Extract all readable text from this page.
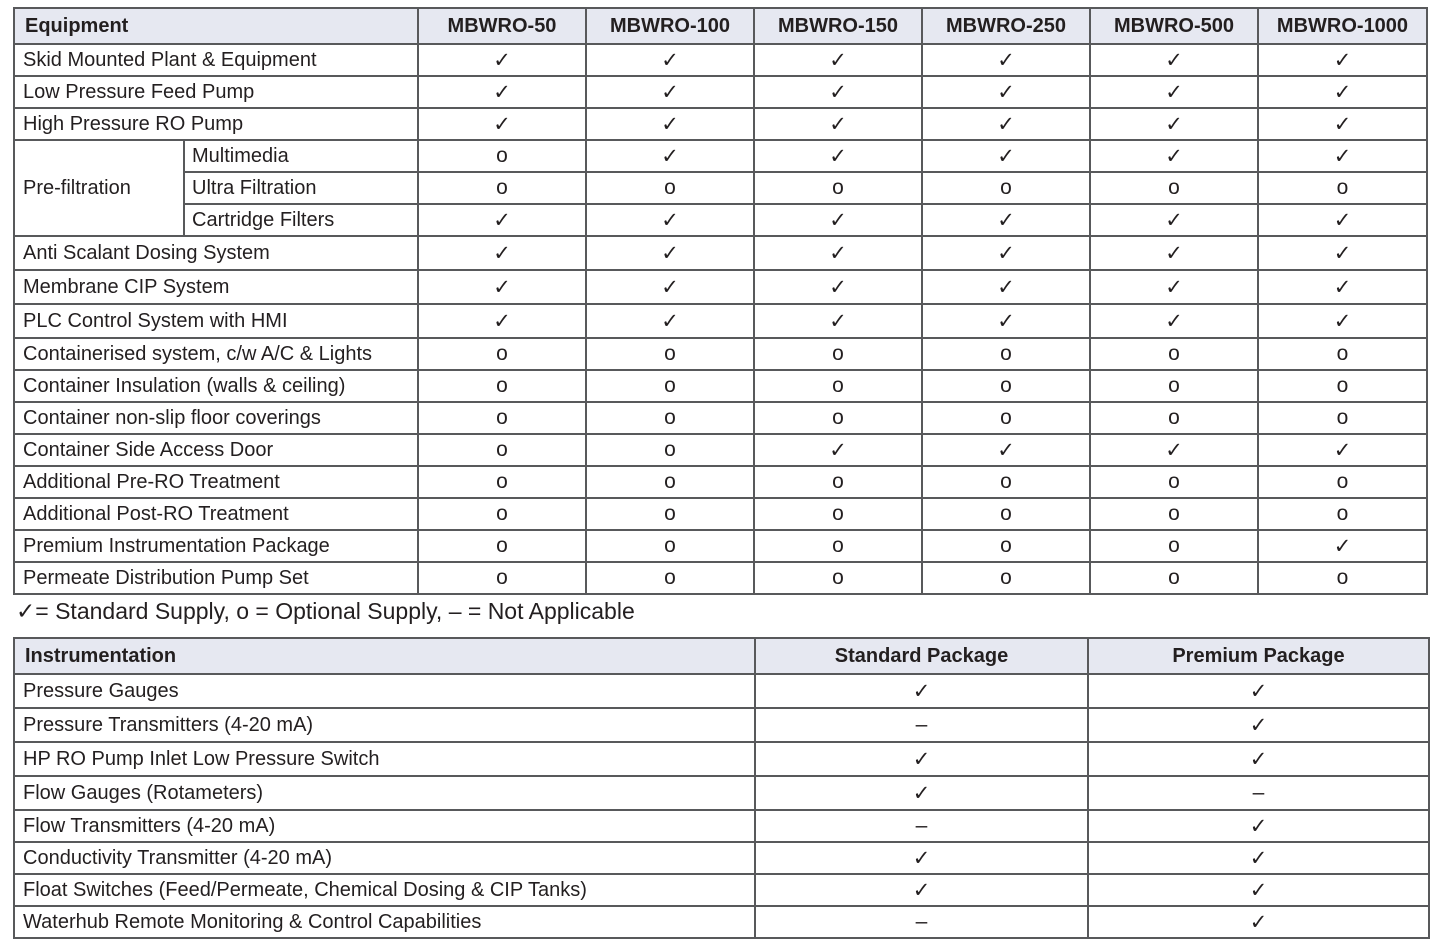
Equipment		MBWRO-50	MBWRO-100	MBWRO-150	MBWRO-250	MBWRO-500	MBWRO-1000
Skid Mounted Plant & Equipment		✓	✓	✓	✓	✓	✓
Low Pressure Feed Pump		✓	✓	✓	✓	✓	✓
High Pressure RO Pump		✓	✓	✓	✓	✓	✓
Pre-filtration	Multimedia	o	✓	✓	✓	✓	✓
	Ultra Filtration	o	o	o	o	o	o
	Cartridge Filters	✓	✓	✓	✓	✓	✓
Anti Scalant Dosing System		✓	✓	✓	✓	✓	✓
Membrane CIP System		✓	✓	✓	✓	✓	✓
PLC Control System with HMI		✓	✓	✓	✓	✓	✓
Containerised system, c/w A/C & Lights		o	o	o	o	o	o
Container Insulation (walls & ceiling)		o	o	o	o	o	o
Container non-slip floor coverings		o	o	o	o	o	o
Container Side Access Door		o	o	✓	✓	✓	✓
Additional Pre-RO Treatment		o	o	o	o	o	o
Additional Post-RO Treatment		o	o	o	o	o	o
Premium Instrumentation Package		o	o	o	o	o	✓
Permeate Distribution Pump Set		o	o	o	o	o	o

✓= Standard Supply, o = Optional Supply, – = Not Applicable

Instrumentation	Standard Package	Premium Package
Pressure Gauges	✓	✓
Pressure Transmitters (4-20 mA)	–	✓
HP RO Pump Inlet Low Pressure Switch	✓	✓
Flow Gauges (Rotameters)	✓	–
Flow Transmitters (4-20 mA)	–	✓
Conductivity Transmitter (4-20 mA)	✓	✓
Float Switches (Feed/Permeate, Chemical Dosing & CIP Tanks)	✓	✓
Waterhub Remote Monitoring & Control Capabilities	–	✓
